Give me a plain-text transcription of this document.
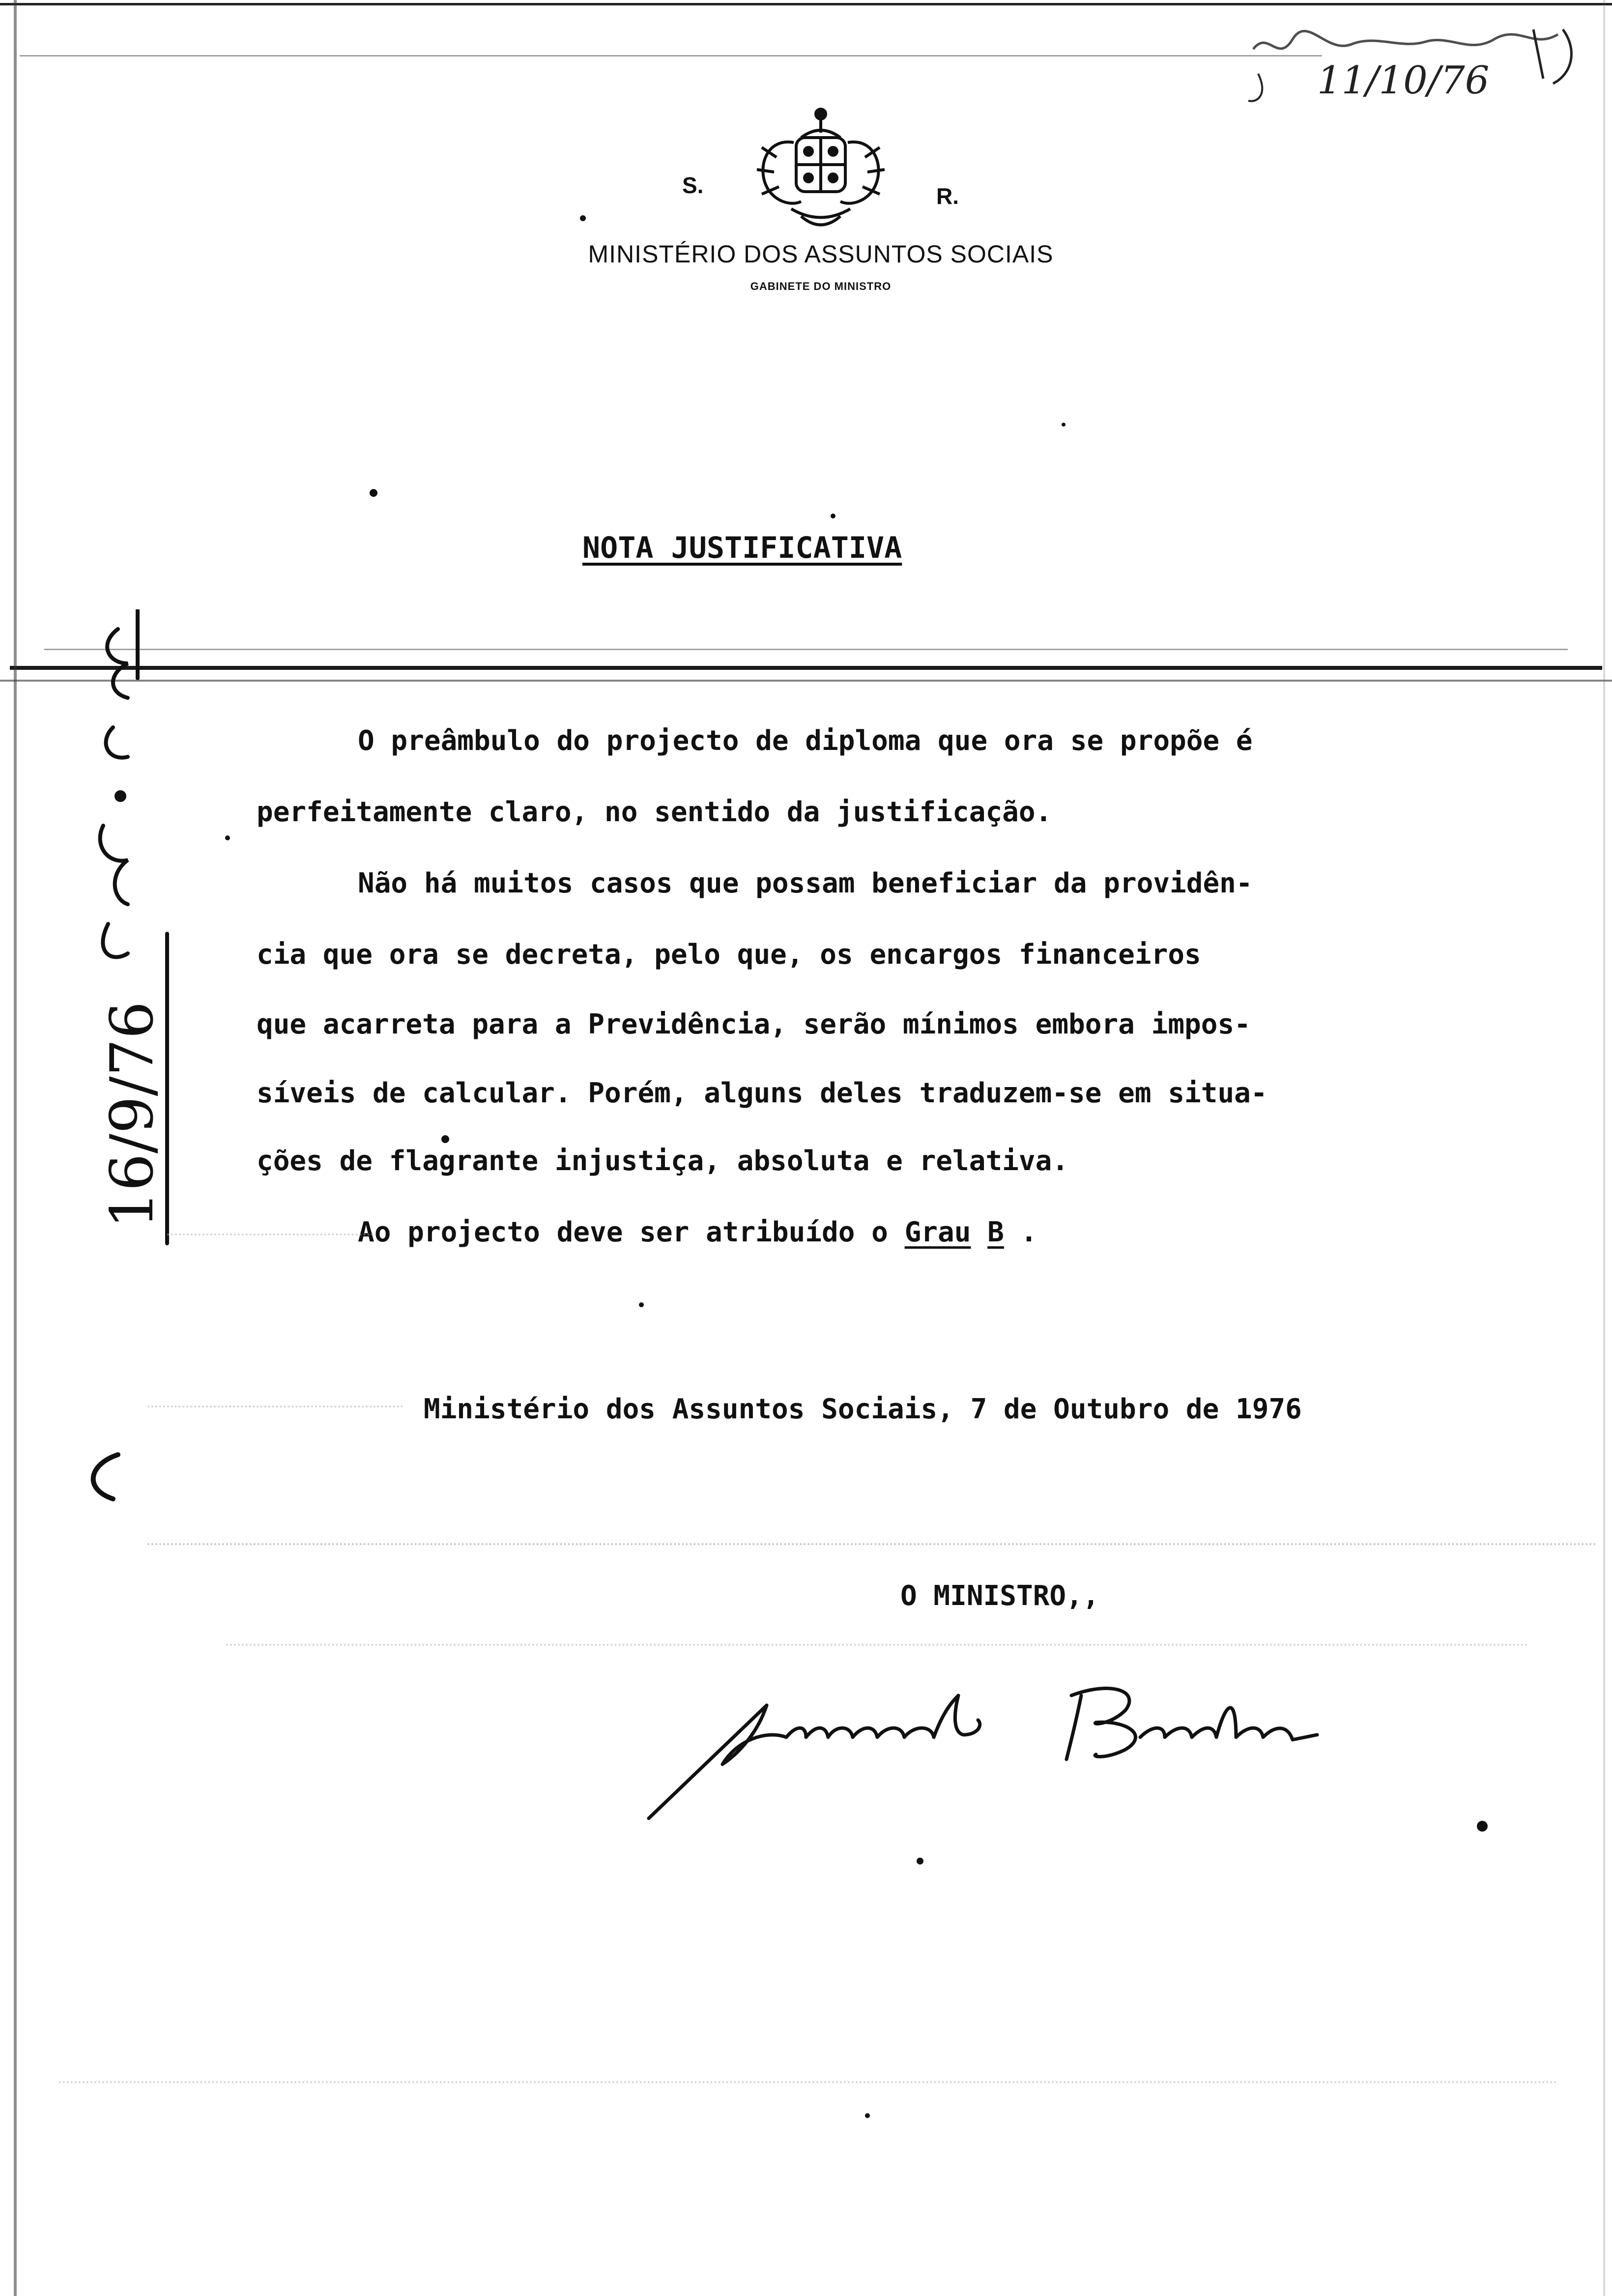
11/10/76
S.	R.
MINISTÉRIO DOS ASSUNTOS SOCIAIS
GABINETE DO MINISTRO
NOTA JUSTIFICATIVA
O preâmbulo do projecto de diploma que ora se propõe é
perfeitamente claro, no sentido da justificação.
Não há muitos casos que possam beneficiar da providên-
cia que ora se decreta, pelo que, os encargos financeiros
que acarreta para a Previdência, serão mínimos embora impos-
síveis de calcular. Porém, alguns deles traduzem-se em situa-
ções de flagrante injustiça, absoluta e relativa.
Ao projecto deve ser atribuído o Grau B .
Ministério dos Assuntos Sociais, 7 de Outubro de 1976
O MINISTRO,,
16/9/76
